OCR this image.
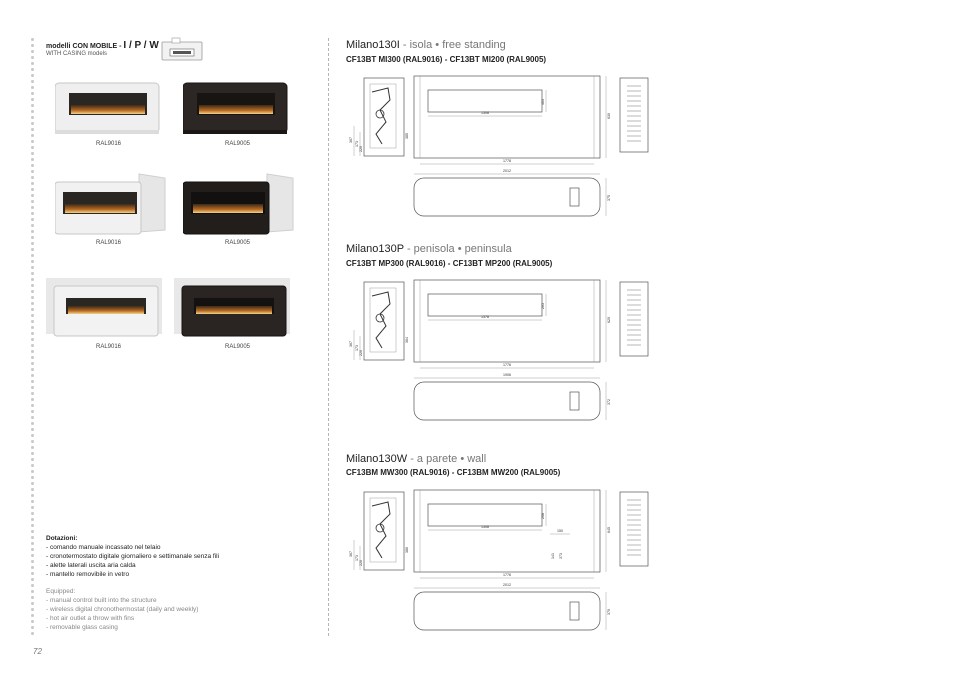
modelli CON MOBILE - I / P / W
WITH CASING models
RAL9016	RAL9005
RAL9016	RAL9005
RAL9016	RAL9005
Dotazioni:
- comando manuale incassato nel telaio
- cronotermostato digitale giornaliero e settimanale senza fili
- alette laterali uscita aria calda
- mantello removibile in vetro
Equipped:
- manual control built into the structure
- wireless digital chronothermostat (daily and weekly)
- hot air outlet a throw with fins
- removable glass casing
72
Milano130I - isola • free standing
CF13BT MI300 (RAL9016) - CF13BT MI200 (RAL9005)
Milano130P - penisola • peninsula
CF13BT MP300 (RAL9016) - CF13BT MP200 (RAL9005)
Milano130W - a parete • wall
CF13BM MW300 (RAL9016) - CF13BM MW200 (RAL9005)
367
173
220
385
1308
463
630
1778
2012
375
367
173
220
364
1378
203
620
1776
1906
372
367
173
220
386
1308
208
645
1776
2012
370
150
141 373
